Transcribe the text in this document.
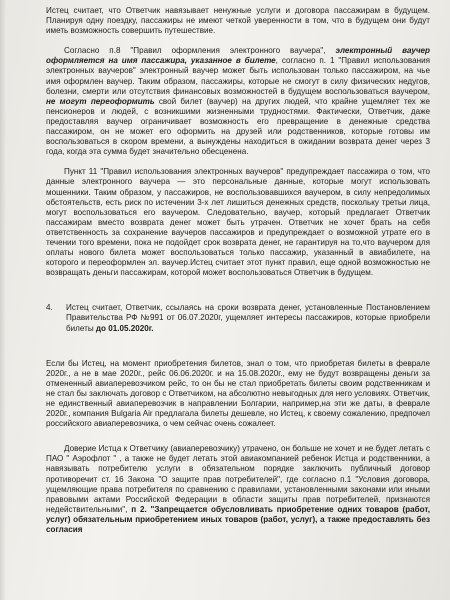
Истец считает, что Ответчик навязывает ненужные услуги и договора пассажирам в будущем. Планируя одну поездку, пассажиры не имеют четкой уверенности в том, что в будущем они будут иметь возможность совершить путешествие.

Согласно п.8 "Правил оформления электронного ваучера", электронный ваучер оформляется на имя пассажира, указанное в билете, согласно п. 1 "Правил использования электронных ваучеров" электронный ваучер может быть использован только пассажиром, на чье имя оформлен ваучер. Таким образом, пассажиры, которые не смогут в силу физических недугов, болезни, смерти или отсутствия финансовых возможностей в будущем воспользоваться ваучером, не могут переоформить свой билет (ваучер) на других людей, что крайне ущемляет тех же пенсионеров и людей, с возникшими жизненными трудностями. Фактически, Ответчик, даже предоставляя ваучер ограничивает возможность его превращение в денежные средства пассажиром, он не может его оформить на друзей или родственников, которые готовы им воспользоваться в скором времени, а вынуждены находиться в ожидании возврата денег через 3 года, когда эта сумма будет значительно обесценена.

Пункт 11 "Правил использования электронных ваучеров" предупреждает пассажира о том, что данные электронного ваучера — это персональные данные, которые могут использовать мошенники. Таким образом, у пассажиров, не воспользовавшихся ваучером, в силу непредолимых обстоятельств, есть риск по истечении 3-х лет лишиться денежных средств, поскольку третьи лица, могут воспользоваться его ваучером. Следовательно, ваучер, который предлагает Ответчик пассажирам вместо возврата денег может быть утрачен. Ответчик не хочет брать на себя ответственность за сохранение ваучеров пассажиров и предупреждает о возможной утрате его в течении того времени, пока не подойдет срок возврата денег, не гарантируя на то,что ваучером для оплаты нового билета может воспользоваться только пассажир, указанный в авиабилете, на которого и переоформлен эл. ваучер.Истец считает этот пункт правил, еще одной возможностью не возвращать деньги пассажирам, которой может воспользоваться Ответчик в будущем.

4. Истец считает, Ответчик, ссылаясь на сроки возврата денег, установленные Постановлением Правительства РФ №991 от 06.07.2020г, ущемляет интересы пассажиров, которые приобрели билеты до 01.05.2020г.

Если бы Истец, на момент приобретения билетов, знал о том, что приобретая билеты в феврале 2020г., а не в мае 2020г., рейс 06.06.2020г. и на 15.08.2020г., ему не будут возвращены деньги за отмененный авиаперевозчиком рейс, то он бы не стал приобретать билеты своим родственникам и не стал бы заключать договор с Ответчиком, на абсолютно невыгодных для него условиях. Ответчик, не единственный авиаперевозчик в направлении Болгарии, например,на эти же даты, в феврале 2020г., компания Bulgaria Air предлагала билеты дешевле, но Истец, к своему сожалению, предпочел российского авиаперевозчика, о чем сейчас очень сожалеет.

Доверие Истца к Ответчику (авиаперевозчику) утрачено, он больше не хочет и не будет летать с ПАО " Аэрофлот " , а также не будет летать этой авиакомпанией ребенок Истца и родственники, а навязывать потребителю услуги в обязательном порядке заключить публичный договор противоречит ст. 16 Закона "О защите прав потребителей", где согласно п.1 "Условия договора, ущемляющие права потребителя по сравнению с правилами, установленными законами или иными правовыми актами Российской Федерации в области защиты прав потребителей, признаются недействительными", п 2. "Запрещается обусловливать приобретение одних товаров (работ, услуг) обязательным приобретением иных товаров (работ, услуг), а также предоставлять без согласия
